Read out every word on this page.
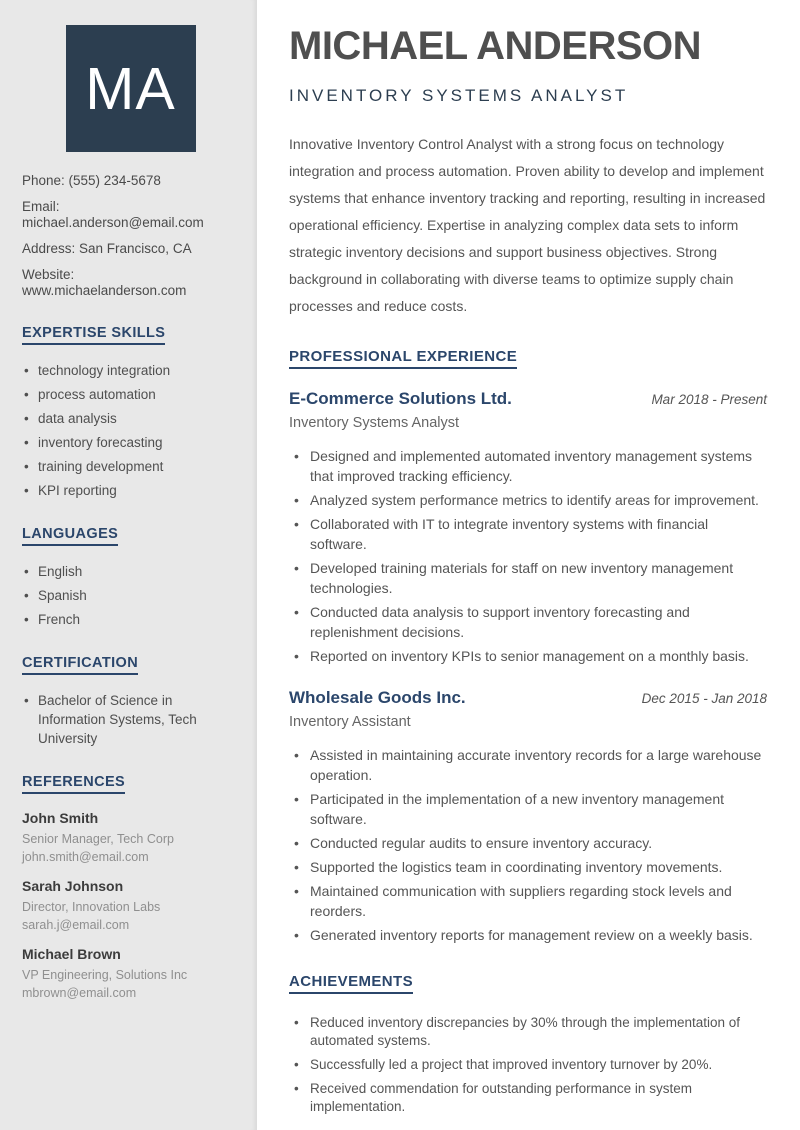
MA

Phone: (555) 234-5678

Email: michael.anderson@email.com

Address: San Francisco, CA

Website: www.michaelanderson.com

EXPERTISE SKILLS
• technology integration
• process automation
• data analysis
• inventory forecasting
• training development
• KPI reporting
LANGUAGES
• English
• Spanish
• French
CERTIFICATION
• Bachelor of Science in Information Systems, Tech University
REFERENCES
John Smith
Senior Manager, Tech Corp
john.smith@email.com
Sarah Johnson
Director, Innovation Labs
sarah.j@email.com
Michael Brown
VP Engineering, Solutions Inc
mbrown@email.com
MICHAEL ANDERSON
INVENTORY SYSTEMS ANALYST

Innovative Inventory Control Analyst with a strong focus on technology integration and process automation. Proven ability to develop and implement systems that enhance inventory tracking and reporting, resulting in increased operational efficiency. Expertise in analyzing complex data sets to inform strategic inventory decisions and support business objectives. Strong background in collaborating with diverse teams to optimize supply chain processes and reduce costs.

PROFESSIONAL EXPERIENCE
E-Commerce Solutions Ltd.	Mar 2018 - Present
Inventory Systems Analyst
• Designed and implemented automated inventory management systems that improved tracking efficiency.
• Analyzed system performance metrics to identify areas for improvement.
• Collaborated with IT to integrate inventory systems with financial software.
• Developed training materials for staff on new inventory management technologies.
• Conducted data analysis to support inventory forecasting and replenishment decisions.
• Reported on inventory KPIs to senior management on a monthly basis.
Wholesale Goods Inc.	Dec 2015 - Jan 2018
Inventory Assistant
• Assisted in maintaining accurate inventory records for a large warehouse operation.
• Participated in the implementation of a new inventory management software.
• Conducted regular audits to ensure inventory accuracy.
• Supported the logistics team in coordinating inventory movements.
• Maintained communication with suppliers regarding stock levels and reorders.
• Generated inventory reports for management review on a weekly basis.
ACHIEVEMENTS
• Reduced inventory discrepancies by 30% through the implementation of automated systems.
• Successfully led a project that improved inventory turnover by 20%.
• Received commendation for outstanding performance in system implementation.
